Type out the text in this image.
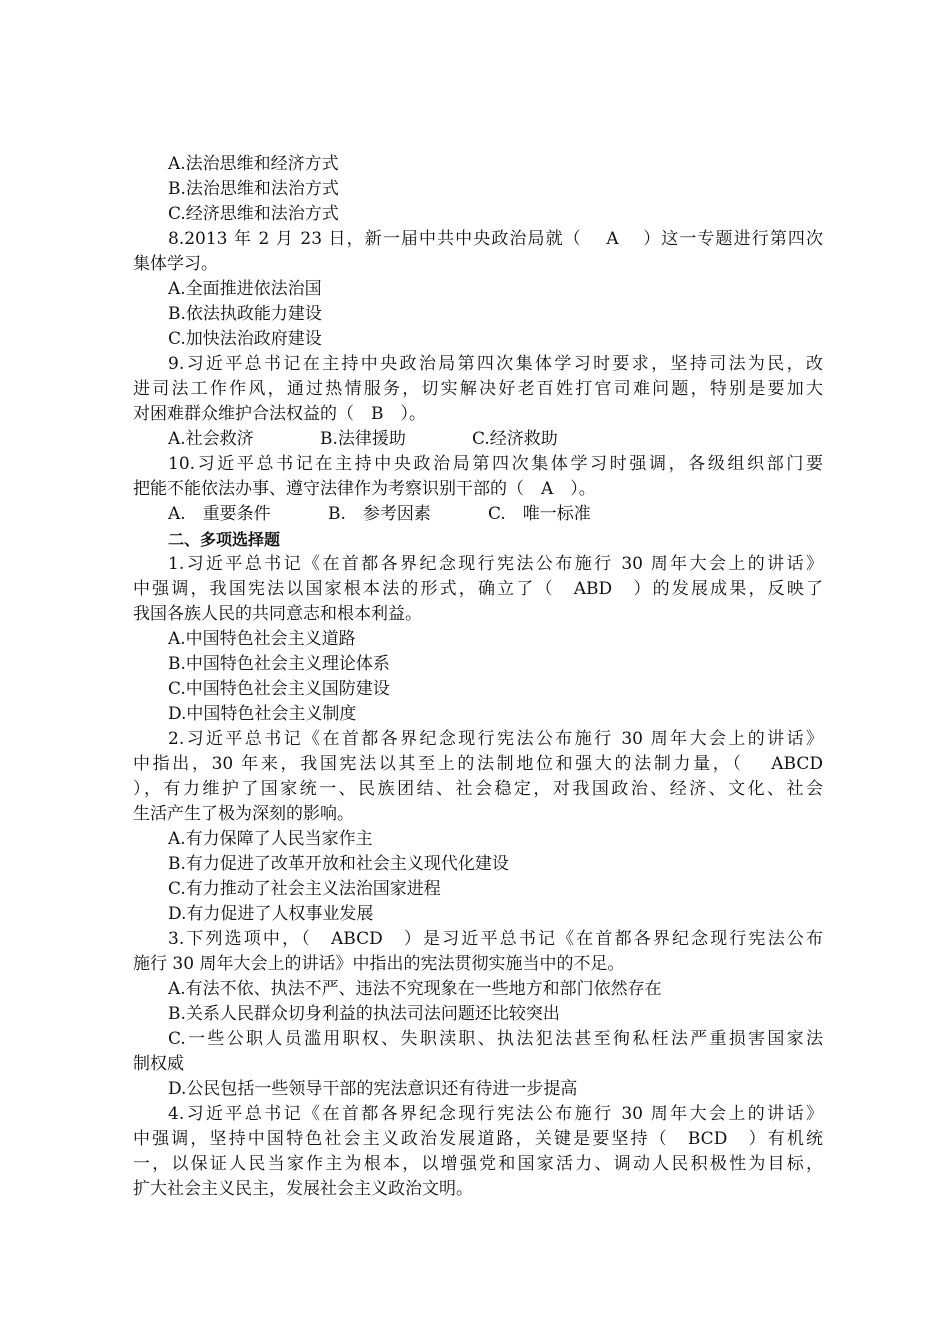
A.法治思维和经济方式
B.法治思维和法治方式
C.经济思维和法治方式
8.2013 年 2 月 23 日，新一届中共中央政治局就（　 A 　）这一专题进行第四次
集体学习。
A.全面推进依法治国
B.依法执政能力建设
C.加快法治政府建设
9.习近平总书记在主持中央政治局第四次集体学习时要求，坚持司法为民，改
进司法工作作风，通过热情服务，切实解决好老百姓打官司难问题，特别是要加大
对困难群众维护合法权益的（　B　）。
A.社会救济	B.法律援助	C.经济救助
10.习近平总书记在主持中央政治局第四次集体学习时强调，各级组织部门要
把能不能依法办事、遵守法律作为考察识别干部的（　A　）。
A.　重要条件	B.　参考因素	C.　唯一标准
二、多项选择题
1.习近平总书记《在首都各界纪念现行宪法公布施行 30 周年大会上的讲话》
中强调，我国宪法以国家根本法的形式，确立了（　ABD　）的发展成果，反映了
我国各族人民的共同意志和根本利益。
A.中国特色社会主义道路
B.中国特色社会主义理论体系
C.中国特色社会主义国防建设
D.中国特色社会主义制度
2.习近平总书记《在首都各界纪念现行宪法公布施行 30 周年大会上的讲话》
中指出，30 年来，我国宪法以其至上的法制地位和强大的法制力量，（　 ABCD
），有力维护了国家统一、民族团结、社会稳定，对我国政治、经济、文化、社会
生活产生了极为深刻的影响。
A.有力保障了人民当家作主
B.有力促进了改革开放和社会主义现代化建设
C.有力推动了社会主义法治国家进程
D.有力促进了人权事业发展
3.下列选项中，（　ABCD　）是习近平总书记《在首都各界纪念现行宪法公布
施行 30 周年大会上的讲话》中指出的宪法贯彻实施当中的不足。
A.有法不依、执法不严、违法不究现象在一些地方和部门依然存在
B.关系人民群众切身利益的执法司法问题还比较突出
C.一些公职人员滥用职权、失职渎职、执法犯法甚至徇私枉法严重损害国家法
制权威
D.公民包括一些领导干部的宪法意识还有待进一步提高
4.习近平总书记《在首都各界纪念现行宪法公布施行 30 周年大会上的讲话》
中强调，坚持中国特色社会主义政治发展道路，关键是要坚持（　BCD　）有机统
一，以保证人民当家作主为根本，以增强党和国家活力、调动人民积极性为目标，
扩大社会主义民主，发展社会主义政治文明。
